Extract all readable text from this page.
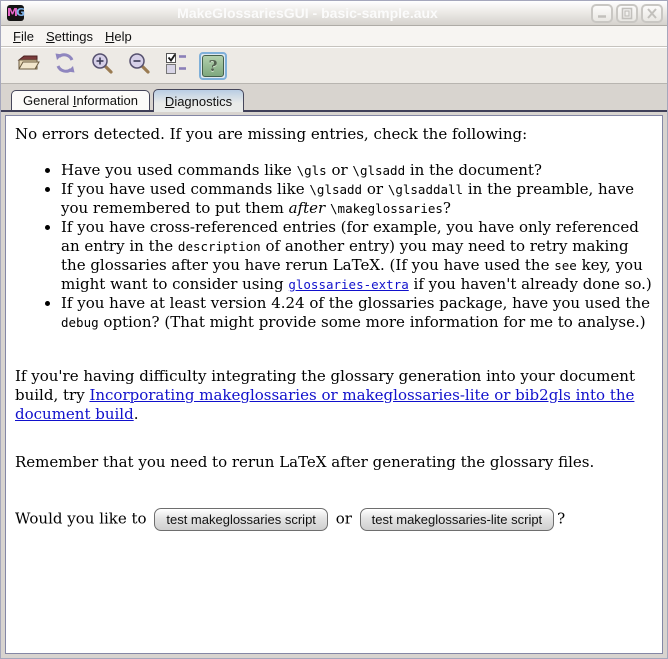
MG	MakeGlossariesGUI - basic-sample.aux
File Settings Help
?
General Information Diagnostics

No errors detected. If you are missing entries, check the following:

• Have you used commands like \gls or \glsadd in the document?
• If you have used commands like \glsadd or \glsaddall in the preamble, have you remembered to put them after \makeglossaries?
• If you have cross-referenced entries (for example, you have only referenced an entry in the description of another entry) you may need to retry making the glossaries after you have rerun LaTeX. (If you have used the see key, you might want to consider using glossaries-extra if you haven't already done so.)
• If you have at least version 4.24 of the glossaries package, have you used the debug option? (That might provide some more information for me to analyse.)

If you're having difficulty integrating the glossary generation into your document build, try Incorporating makeglossaries or makeglossaries-lite or bib2gls into the document build.

Remember that you need to rerun LaTeX after generating the glossary files.

Would you like to test makeglossaries script or test makeglossaries-lite script ?
